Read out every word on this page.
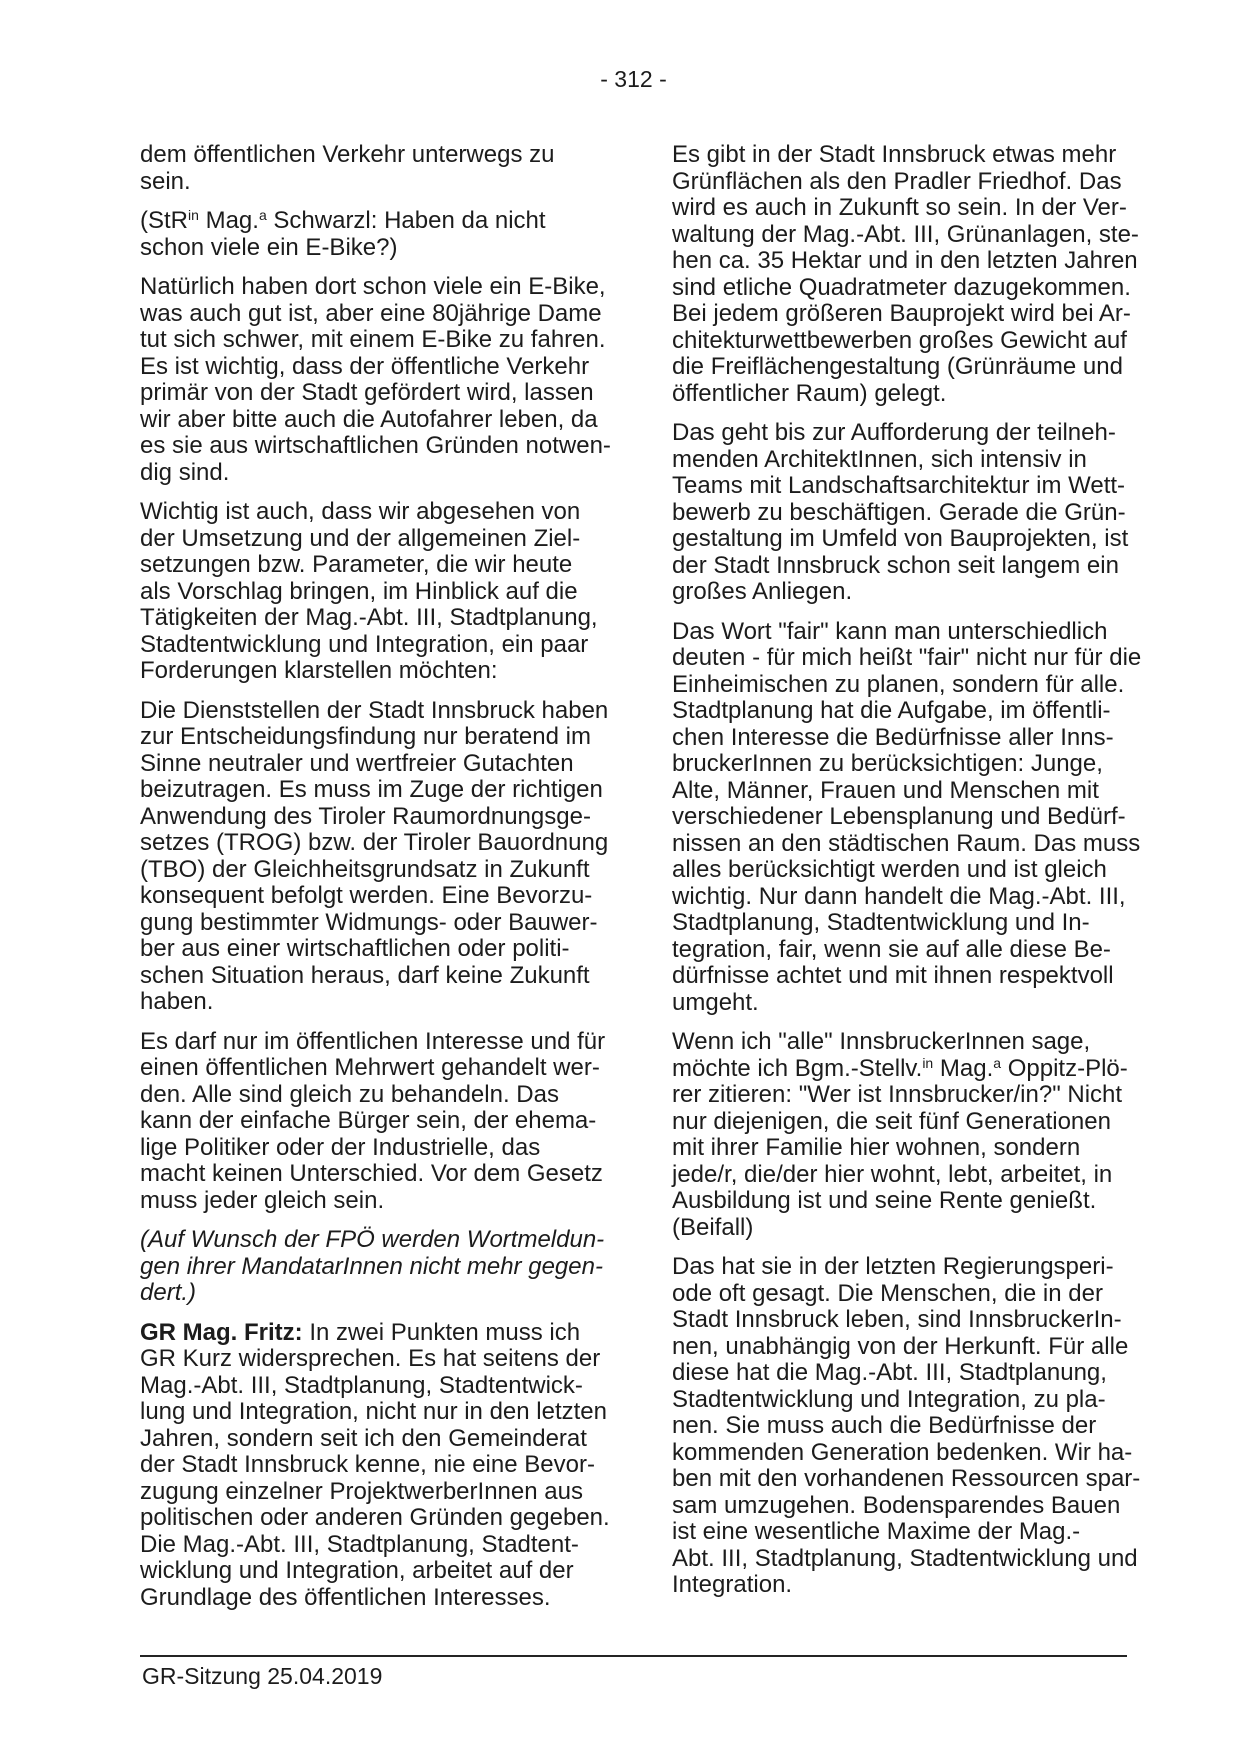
- 312 -
dem öffentlichen Verkehr unterwegs zu
sein.
(StR$^{in}$ Mag.$^a$ Schwarzl: Haben da nicht
schon viele ein E-Bike?)
Natürlich haben dort schon viele ein E-Bike,
was auch gut ist, aber eine 80jährige Dame
tut sich schwer, mit einem E-Bike zu fahren.
Es ist wichtig, dass der öffentliche Verkehr
primär von der Stadt gefördert wird, lassen
wir aber bitte auch die Autofahrer leben, da
es sie aus wirtschaftlichen Gründen notwen-
dig sind.
Wichtig ist auch, dass wir abgesehen von
der Umsetzung und der allgemeinen Ziel-
setzungen bzw. Parameter, die wir heute
als Vorschlag bringen, im Hinblick auf die
Tätigkeiten der Mag.-Abt. III, Stadtplanung,
Stadtentwicklung und Integration, ein paar
Forderungen klarstellen möchten:
Die Dienststellen der Stadt Innsbruck haben
zur Entscheidungsfindung nur beratend im
Sinne neutraler und wertfreier Gutachten
beizutragen. Es muss im Zuge der richtigen
Anwendung des Tiroler Raumordnungsge-
setzes (TROG) bzw. der Tiroler Bauordnung
(TBO) der Gleichheitsgrundsatz in Zukunft
konsequent befolgt werden. Eine Bevorzu-
gung bestimmter Widmungs- oder Bauwer-
ber aus einer wirtschaftlichen oder politi-
schen Situation heraus, darf keine Zukunft
haben.
Es darf nur im öffentlichen Interesse und für
einen öffentlichen Mehrwert gehandelt wer-
den. Alle sind gleich zu behandeln. Das
kann der einfache Bürger sein, der ehema-
lige Politiker oder der Industrielle, das
macht keinen Unterschied. Vor dem Gesetz
muss jeder gleich sein.
(Auf Wunsch der FPÖ werden Wortmeldun-
gen ihrer MandatarInnen nicht mehr gegen-
dert.)
GR Mag. Fritz: In zwei Punkten muss ich
GR Kurz widersprechen. Es hat seitens der
Mag.-Abt. III, Stadtplanung, Stadtentwick-
lung und Integration, nicht nur in den letzten
Jahren, sondern seit ich den Gemeinderat
der Stadt Innsbruck kenne, nie eine Bevor-
zugung einzelner ProjektwerberInnen aus
politischen oder anderen Gründen gegeben.
Die Mag.-Abt. III, Stadtplanung, Stadtent-
wicklung und Integration, arbeitet auf der
Grundlage des öffentlichen Interesses.
Es gibt in der Stadt Innsbruck etwas mehr
Grünflächen als den Pradler Friedhof. Das
wird es auch in Zukunft so sein. In der Ver-
waltung der Mag.-Abt. III, Grünanlagen, ste-
hen ca. 35 Hektar und in den letzten Jahren
sind etliche Quadratmeter dazugekommen.
Bei jedem größeren Bauprojekt wird bei Ar-
chitekturwettbewerben großes Gewicht auf
die Freiflächengestaltung (Grünräume und
öffentlicher Raum) gelegt.
Das geht bis zur Aufforderung der teilneh-
menden ArchitektInnen, sich intensiv in
Teams mit Landschaftsarchitektur im Wett-
bewerb zu beschäftigen. Gerade die Grün-
gestaltung im Umfeld von Bauprojekten, ist
der Stadt Innsbruck schon seit langem ein
großes Anliegen.
Das Wort "fair" kann man unterschiedlich
deuten - für mich heißt "fair" nicht nur für die
Einheimischen zu planen, sondern für alle.
Stadtplanung hat die Aufgabe, im öffentli-
chen Interesse die Bedürfnisse aller Inns-
bruckerInnen zu berücksichtigen: Junge,
Alte, Männer, Frauen und Menschen mit
verschiedener Lebensplanung und Bedürf-
nissen an den städtischen Raum. Das muss
alles berücksichtigt werden und ist gleich
wichtig. Nur dann handelt die Mag.-Abt. III,
Stadtplanung, Stadtentwicklung und In-
tegration, fair, wenn sie auf alle diese Be-
dürfnisse achtet und mit ihnen respektvoll
umgeht.
Wenn ich "alle" InnsbruckerInnen sage,
möchte ich Bgm.-Stellv.$^{in}$ Mag.$^a$ Oppitz-Plö-
rer zitieren: "Wer ist Innsbrucker/in?" Nicht
nur diejenigen, die seit fünf Generationen
mit ihrer Familie hier wohnen, sondern
jede/r, die/der hier wohnt, lebt, arbeitet, in
Ausbildung ist und seine Rente genießt.
(Beifall)
Das hat sie in der letzten Regierungsperi-
ode oft gesagt. Die Menschen, die in der
Stadt Innsbruck leben, sind InnsbruckerIn-
nen, unabhängig von der Herkunft. Für alle
diese hat die Mag.-Abt. III, Stadtplanung,
Stadtentwicklung und Integration, zu pla-
nen. Sie muss auch die Bedürfnisse der
kommenden Generation bedenken. Wir ha-
ben mit den vorhandenen Ressourcen spar-
sam umzugehen. Bodensparendes Bauen
ist eine wesentliche Maxime der Mag.-
Abt. III, Stadtplanung, Stadtentwicklung und
Integration.
GR-Sitzung 25.04.2019
